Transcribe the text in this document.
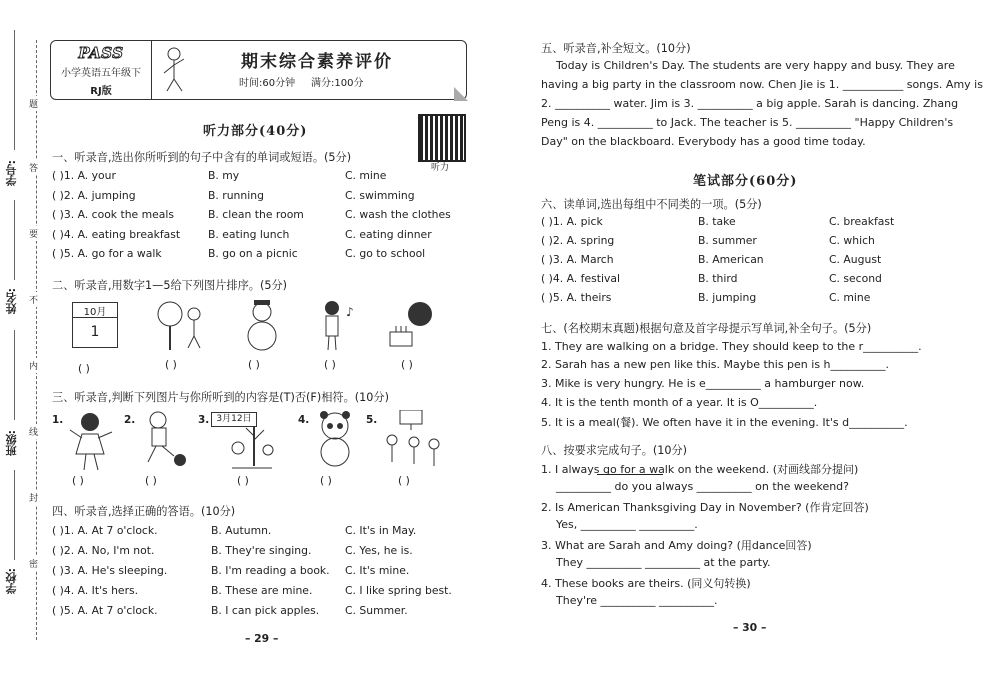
学号:
姓名:
班级:
学校:
题
答
要
不
内
线
封
密
PASS
小学英语五年级下
RJ版
期末综合素养评价
时间:60分钟 满分:100分
听力
听力部分(40分)
一、听录音,选出你所听到的句子中含有的单词或短语。(5分)
( )1. A. your	B. my	C. mine
( )2. A. jumping	B. running	C. swimming
( )3. A. cook the meals	B. clean the room	C. wash the clothes
( )4. A. eating breakfast	B. eating lunch	C. eating dinner
( )5. A. go for a walk	B. go on a picnic	C. go to school
二、听录音,用数字1—5给下列图片排序。(5分)
10月
1
♪
( )	( )	( )	( )	( )
三、听录音,判断下列图片与你所听到的内容是(T)否(F)相符。(10分)
1.	2.	3. 3月12日	4.	5.
( )	( )	( )	( )	( )
四、听录音,选择正确的答语。(10分)
( )1. A. At 7 o'clock.	B. Autumn.	C. It's in May.
( )2. A. No, I'm not.	B. They're singing.	C. Yes, he is.
( )3. A. He's sleeping.	B. I'm reading a book. C. It's mine.
( )4. A. It's hers.	B. These are mine.	C. I like spring best.
( )5. A. At 7 o'clock.	B. I can pick apples. C. Summer.
– 29 –
五、听录音,补全短文。(10分)
Today is Children's Day. The students are very happy and busy. They are
having a big party in the classroom now. Chen Jie is 1. ___________ songs. Amy is
2. __________ water. Jim is 3. __________ a big apple. Sarah is dancing. Zhang
Peng is 4. __________ to Jack. The teacher is 5. __________ "Happy Children's
Day" on the blackboard. Everybody has a good time today.
笔试部分(60分)
六、读单词,选出每组中不同类的一项。(5分)
( )1. A. pick	B. take	C. breakfast
( )2. A. spring	B. summer	C. which
( )3. A. March	B. American	C. August
( )4. A. festival	B. third	C. second
( )5. A. theirs	B. jumping	C. mine
七、(名校期末真题)根据句意及首字母提示写单词,补全句子。(5分)
1. They are walking on a bridge. They should keep to the r__________.
2. Sarah has a new pen like this. Maybe this pen is h__________.
3. Mike is very hungry. He is e__________ a hamburger now.
4. It is the tenth month of a year. It is O__________.
5. It is a meal(餐). We often have it in the evening. It's d__________.
八、按要求完成句子。(10分)
1. I always go for a walk on the weekend. (对画线部分提问)
__________ do you always __________ on the weekend?
2. Is American Thanksgiving Day in November? (作肯定回答)
Yes, __________ __________.
3. What are Sarah and Amy doing? (用dance回答)
They __________ __________ at the party.
4. These books are theirs. (同义句转换)
They're __________ __________.
– 30 –
